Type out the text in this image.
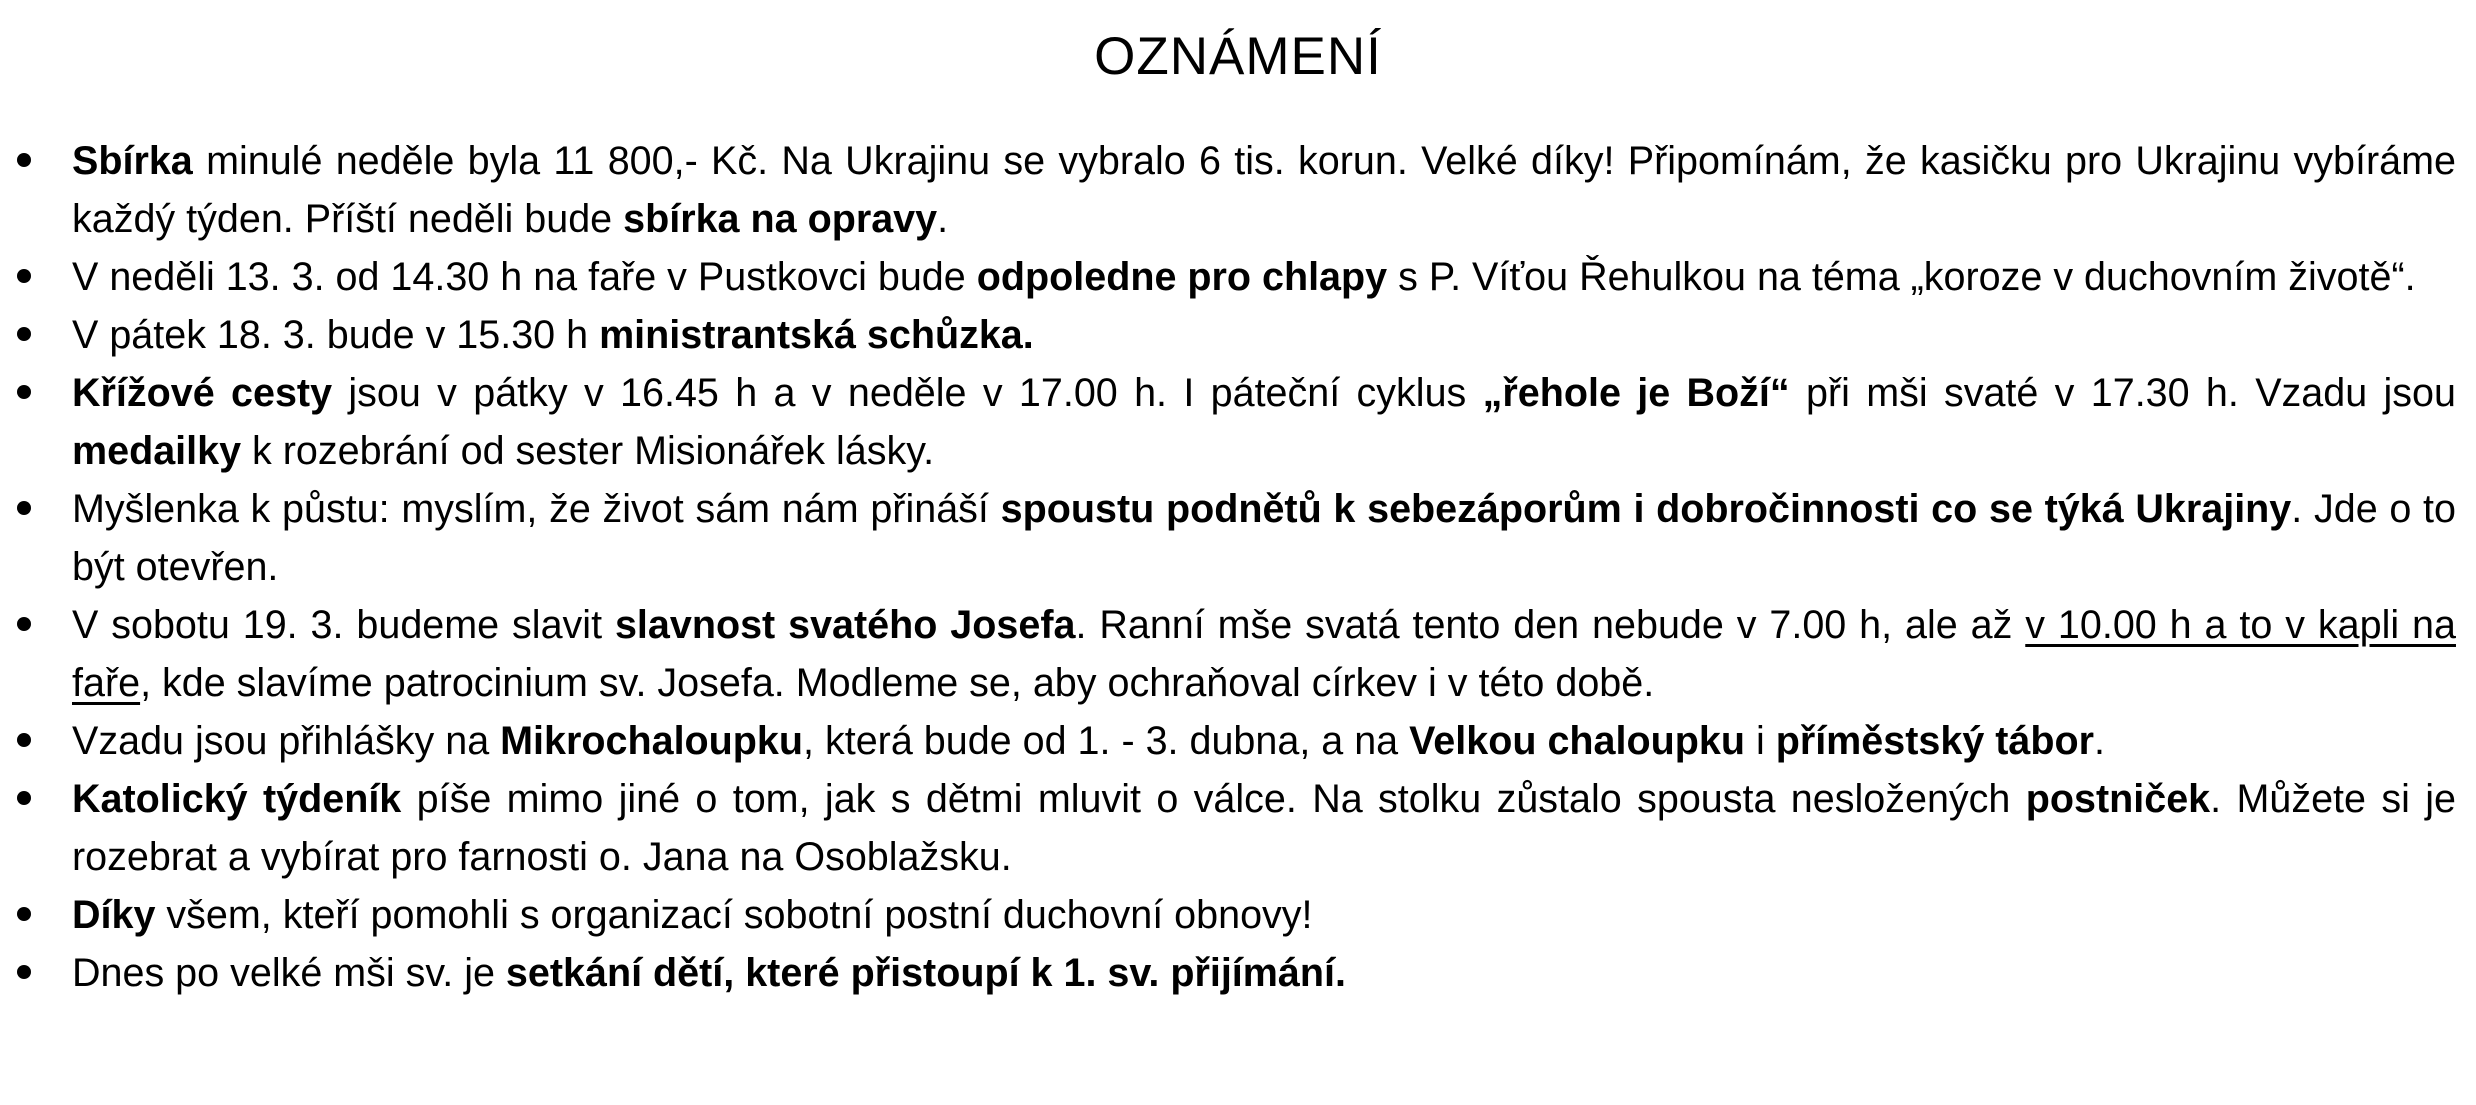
OZNÁMENÍ
Sbírka minulé neděle byla 11 800,- Kč. Na Ukrajinu se vybralo 6 tis. korun. Velké díky! Připomínám, že kasičku pro Ukrajinu vybíráme každý týden. Příští neděli bude sbírka na opravy.
V neděli 13. 3. od 14.30 h na faře v Pustkovci bude odpoledne pro chlapy s P. Víťou Řehulkou na téma „koroze v duchovním životě“.
V pátek 18. 3. bude v 15.30 h ministrantská schůzka.
Křížové cesty jsou v pátky v 16.45 h a v neděle v 17.00 h. I páteční cyklus „řehole je Boží“ při mši svaté v 17.30 h. Vzadu jsou medailky k rozebrání od sester Misionářek lásky.
Myšlenka k půstu: myslím, že život sám nám přináší spoustu podnětů k sebezáporům i dobročinnosti co se týká Ukrajiny. Jde o to být otevřen.
V sobotu 19. 3. budeme slavit slavnost svatého Josefa. Ranní mše svatá tento den nebude v 7.00 h, ale až v 10.00 h a to v kapli na faře, kde slavíme patrocinium sv. Josefa. Modleme se, aby ochraňoval církev i v této době.
Vzadu jsou přihlášky na Mikrochaloupku, která bude od 1. - 3. dubna, a na Velkou chaloupku i příměstský tábor.
Katolický týdeník píše mimo jiné o tom, jak s dětmi mluvit o válce. Na stolku zůstalo spousta nesložených postniček. Můžete si je rozebrat a vybírat pro farnosti o. Jana na Osoblažsku.
Díky všem, kteří pomohli s organizací sobotní postní duchovní obnovy!
Dnes po velké mši sv. je setkání dětí, které přistoupí k 1. sv. přijímání.
